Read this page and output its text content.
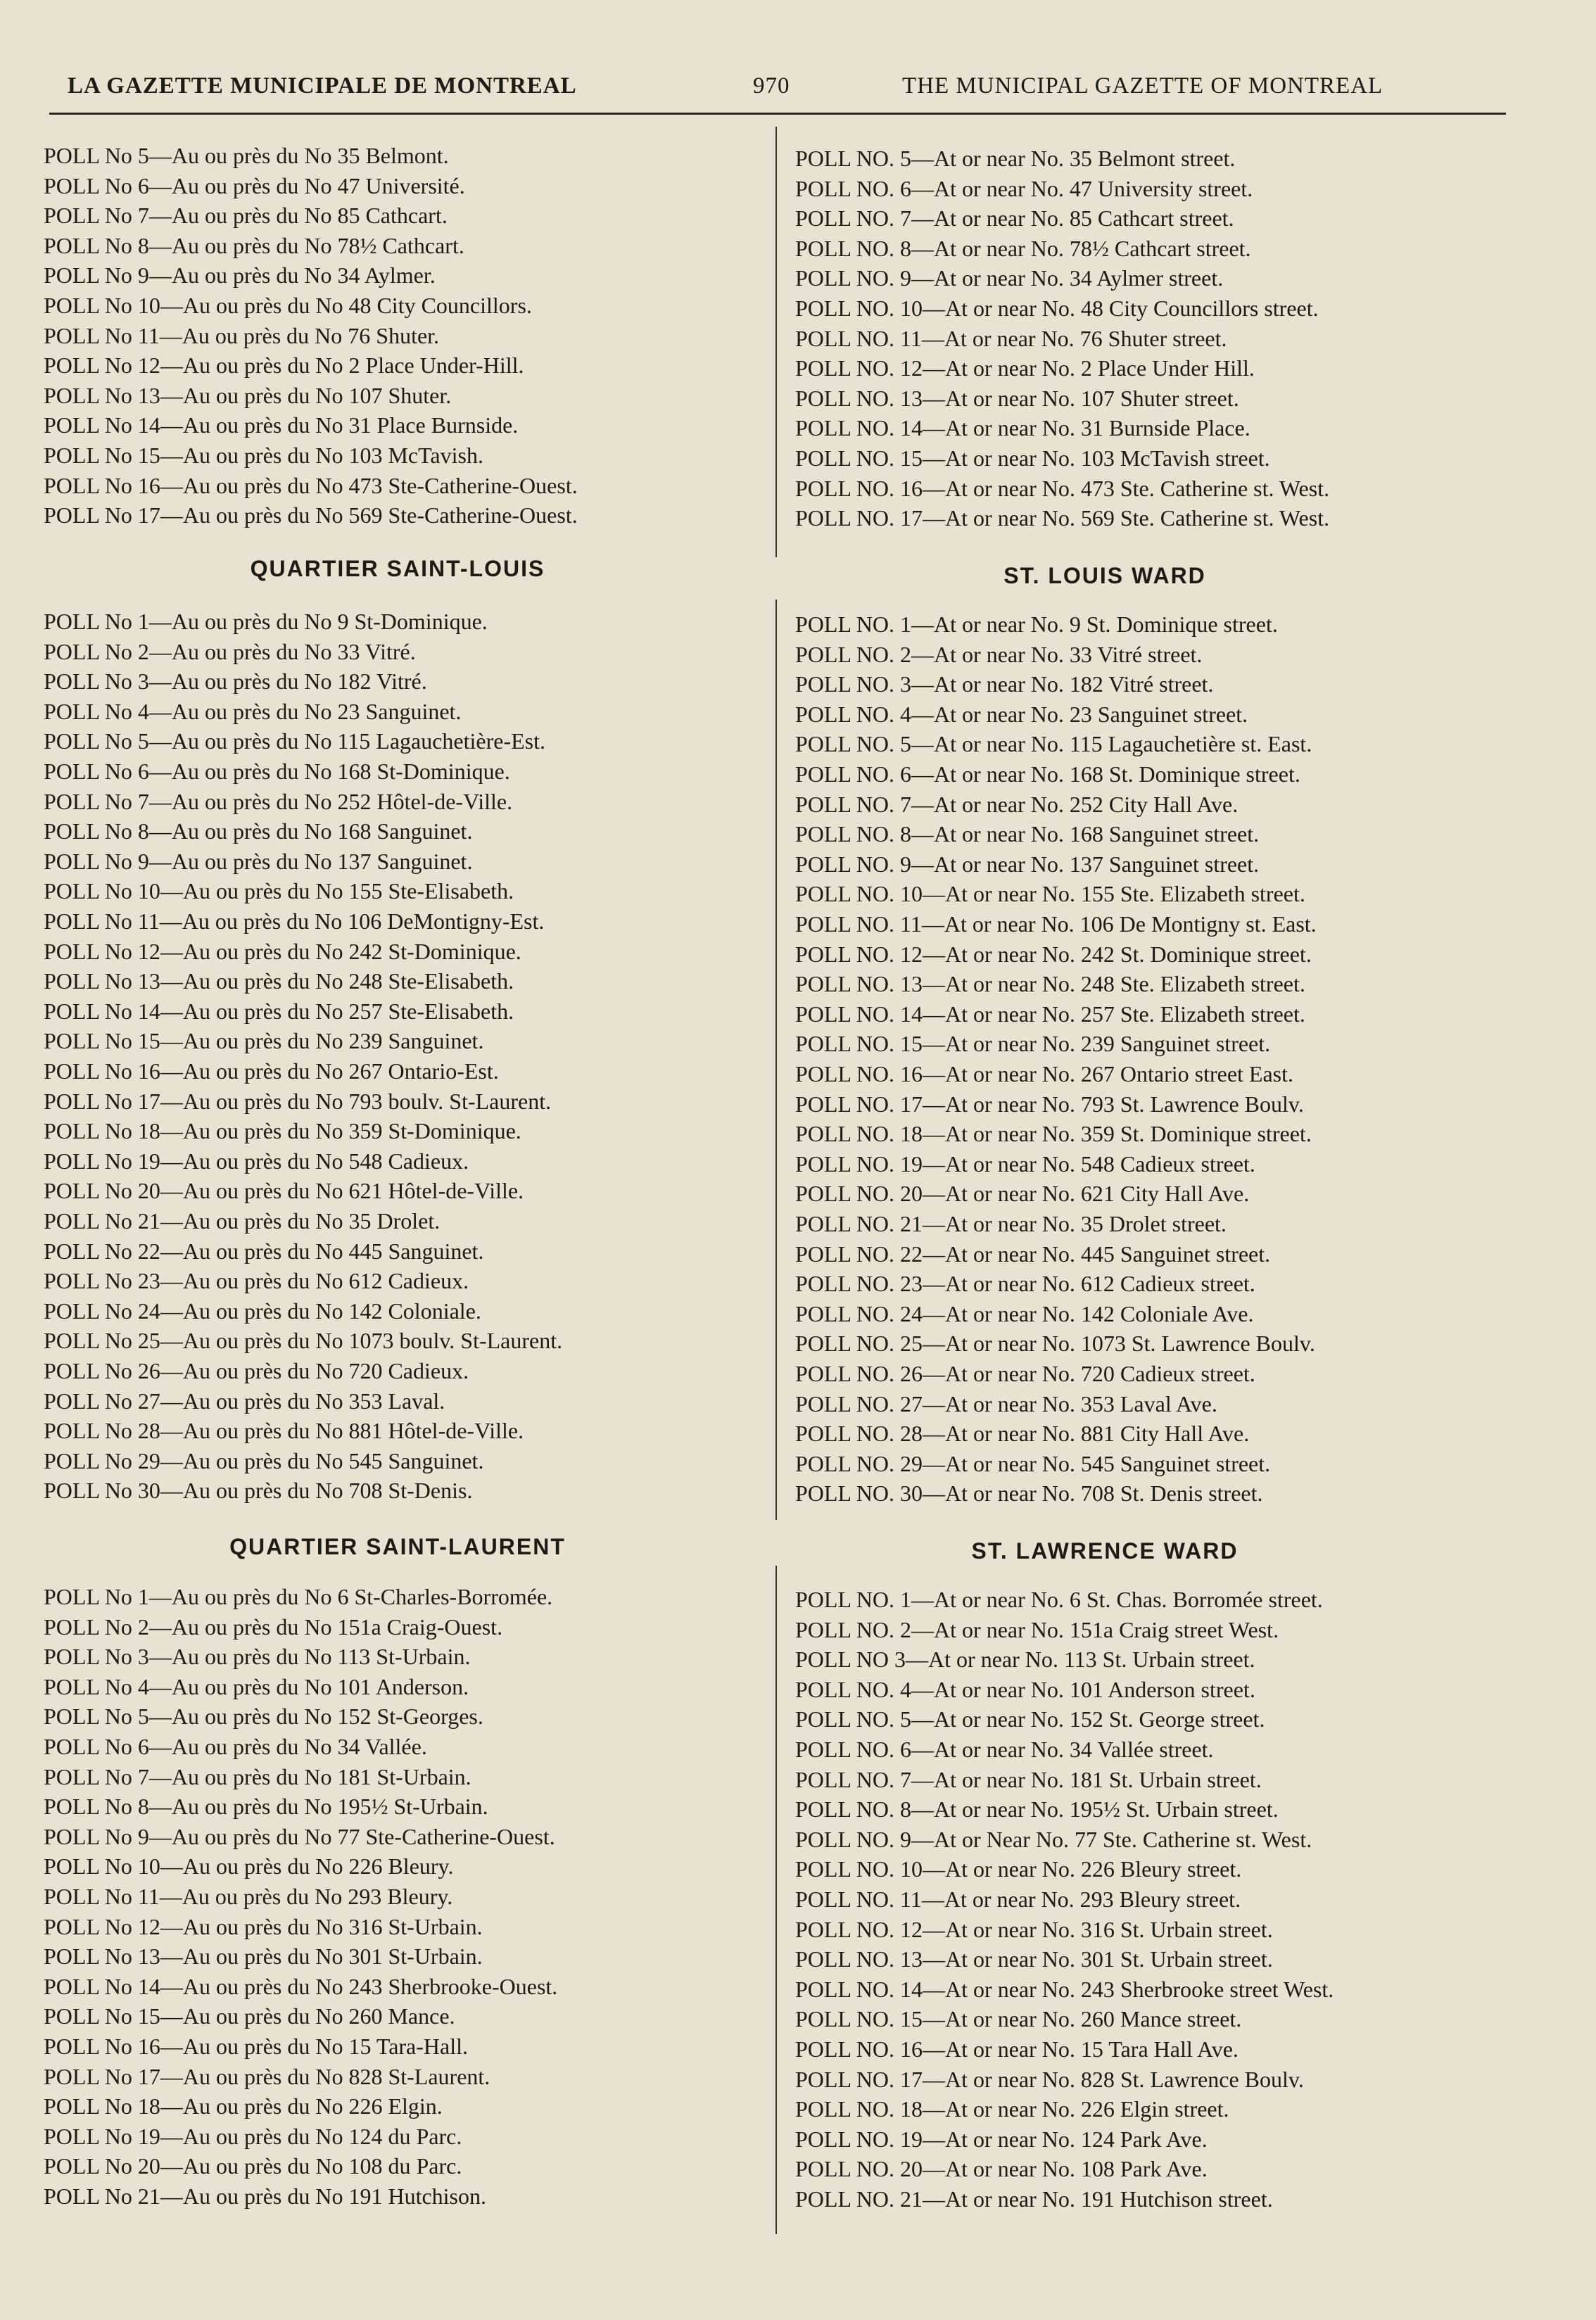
LA GAZETTE MUNICIPALE DE MONTREAL	970	THE MUNICIPAL GAZETTE OF MONTREAL
POLL No 5—Au ou près du No 35 Belmont.
POLL No 6—Au ou près du No 47 Université.
POLL No 7—Au ou près du No 85 Cathcart.
POLL No 8—Au ou près du No 78½ Cathcart.
POLL No 9—Au ou près du No 34 Aylmer.
POLL No 10—Au ou près du No 48 City Councillors.
POLL No 11—Au ou près du No 76 Shuter.
POLL No 12—Au ou près du No 2 Place Under-Hill.
POLL No 13—Au ou près du No 107 Shuter.
POLL No 14—Au ou près du No 31 Place Burnside.
POLL No 15—Au ou près du No 103 McTavish.
POLL No 16—Au ou près du No 473 Ste-Catherine-Ouest.
POLL No 17—Au ou près du No 569 Ste-Catherine-Ouest.
QUARTIER SAINT-LOUIS
POLL No 1—Au ou près du No 9 St-Dominique.
POLL No 2—Au ou près du No 33 Vitré.
POLL No 3—Au ou près du No 182 Vitré.
POLL No 4—Au ou près du No 23 Sanguinet.
POLL No 5—Au ou près du No 115 Lagauchetière-Est.
POLL No 6—Au ou près du No 168 St-Dominique.
POLL No 7—Au ou près du No 252 Hôtel-de-Ville.
POLL No 8—Au ou près du No 168 Sanguinet.
POLL No 9—Au ou près du No 137 Sanguinet.
POLL No 10—Au ou près du No 155 Ste-Elisabeth.
POLL No 11—Au ou près du No 106 DeMontigny-Est.
POLL No 12—Au ou près du No 242 St-Dominique.
POLL No 13—Au ou près du No 248 Ste-Elisabeth.
POLL No 14—Au ou près du No 257 Ste-Elisabeth.
POLL No 15—Au ou près du No 239 Sanguinet.
POLL No 16—Au ou près du No 267 Ontario-Est.
POLL No 17—Au ou près du No 793 boulv. St-Laurent.
POLL No 18—Au ou près du No 359 St-Dominique.
POLL No 19—Au ou près du No 548 Cadieux.
POLL No 20—Au ou près du No 621 Hôtel-de-Ville.
POLL No 21—Au ou près du No 35 Drolet.
POLL No 22—Au ou près du No 445 Sanguinet.
POLL No 23—Au ou près du No 612 Cadieux.
POLL No 24—Au ou près du No 142 Coloniale.
POLL No 25—Au ou près du No 1073 boulv. St-Laurent.
POLL No 26—Au ou près du No 720 Cadieux.
POLL No 27—Au ou près du No 353 Laval.
POLL No 28—Au ou près du No 881 Hôtel-de-Ville.
POLL No 29—Au ou près du No 545 Sanguinet.
POLL No 30—Au ou près du No 708 St-Denis.
QUARTIER SAINT-LAURENT
POLL No 1—Au ou près du No 6 St-Charles-Borromée.
POLL No 2—Au ou près du No 151a Craig-Ouest.
POLL No 3—Au ou près du No 113 St-Urbain.
POLL No 4—Au ou près du No 101 Anderson.
POLL No 5—Au ou près du No 152 St-Georges.
POLL No 6—Au ou près du No 34 Vallée.
POLL No 7—Au ou près du No 181 St-Urbain.
POLL No 8—Au ou près du No 195½ St-Urbain.
POLL No 9—Au ou près du No 77 Ste-Catherine-Ouest.
POLL No 10—Au ou près du No 226 Bleury.
POLL No 11—Au ou près du No 293 Bleury.
POLL No 12—Au ou près du No 316 St-Urbain.
POLL No 13—Au ou près du No 301 St-Urbain.
POLL No 14—Au ou près du No 243 Sherbrooke-Ouest.
POLL No 15—Au ou près du No 260 Mance.
POLL No 16—Au ou près du No 15 Tara-Hall.
POLL No 17—Au ou près du No 828 St-Laurent.
POLL No 18—Au ou près du No 226 Elgin.
POLL No 19—Au ou près du No 124 du Parc.
POLL No 20—Au ou près du No 108 du Parc.
POLL No 21—Au ou près du No 191 Hutchison.
POLL NO. 5—At or near No. 35 Belmont street.
POLL NO. 6—At or near No. 47 University street.
POLL NO. 7—At or near No. 85 Cathcart street.
POLL NO. 8—At or near No. 78½ Cathcart street.
POLL NO. 9—At or near No. 34 Aylmer street.
POLL NO. 10—At or near No. 48 City Councillors street.
POLL NO. 11—At or near No. 76 Shuter street.
POLL NO. 12—At or near No. 2 Place Under Hill.
POLL NO. 13—At or near No. 107 Shuter street.
POLL NO. 14—At or near No. 31 Burnside Place.
POLL NO. 15—At or near No. 103 McTavish street.
POLL NO. 16—At or near No. 473 Ste. Catherine st. West.
POLL NO. 17—At or near No. 569 Ste. Catherine st. West.
ST. LOUIS WARD
POLL NO. 1—At or near No. 9 St. Dominique street.
POLL NO. 2—At or near No. 33 Vitré street.
POLL NO. 3—At or near No. 182 Vitré street.
POLL NO. 4—At or near No. 23 Sanguinet street.
POLL NO. 5—At or near No. 115 Lagauchetière st. East.
POLL NO. 6—At or near No. 168 St. Dominique street.
POLL NO. 7—At or near No. 252 City Hall Ave.
POLL NO. 8—At or near No. 168 Sanguinet street.
POLL NO. 9—At or near No. 137 Sanguinet street.
POLL NO. 10—At or near No. 155 Ste. Elizabeth street.
POLL NO. 11—At or near No. 106 De Montigny st. East.
POLL NO. 12—At or near No. 242 St. Dominique street.
POLL NO. 13—At or near No. 248 Ste. Elizabeth street.
POLL NO. 14—At or near No. 257 Ste. Elizabeth street.
POLL NO. 15—At or near No. 239 Sanguinet street.
POLL NO. 16—At or near No. 267 Ontario street East.
POLL NO. 17—At or near No. 793 St. Lawrence Boulv.
POLL NO. 18—At or near No. 359 St. Dominique street.
POLL NO. 19—At or near No. 548 Cadieux street.
POLL NO. 20—At or near No. 621 City Hall Ave.
POLL NO. 21—At or near No. 35 Drolet street.
POLL NO. 22—At or near No. 445 Sanguinet street.
POLL NO. 23—At or near No. 612 Cadieux street.
POLL NO. 24—At or near No. 142 Coloniale Ave.
POLL NO. 25—At or near No. 1073 St. Lawrence Boulv.
POLL NO. 26—At or near No. 720 Cadieux street.
POLL NO. 27—At or near No. 353 Laval Ave.
POLL NO. 28—At or near No. 881 City Hall Ave.
POLL NO. 29—At or near No. 545 Sanguinet street.
POLL NO. 30—At or near No. 708 St. Denis street.
ST. LAWRENCE WARD
POLL NO. 1—At or near No. 6 St. Chas. Borromée street.
POLL NO. 2—At or near No. 151a Craig street West.
POLL NO 3—At or near No. 113 St. Urbain street.
POLL NO. 4—At or near No. 101 Anderson street.
POLL NO. 5—At or near No. 152 St. George street.
POLL NO. 6—At or near No. 34 Vallée street.
POLL NO. 7—At or near No. 181 St. Urbain street.
POLL NO. 8—At or near No. 195½ St. Urbain street.
POLL NO. 9—At or Near No. 77 Ste. Catherine st. West.
POLL NO. 10—At or near No. 226 Bleury street.
POLL NO. 11—At or near No. 293 Bleury street.
POLL NO. 12—At or near No. 316 St. Urbain street.
POLL NO. 13—At or near No. 301 St. Urbain street.
POLL NO. 14—At or near No. 243 Sherbrooke street West.
POLL NO. 15—At or near No. 260 Mance street.
POLL NO. 16—At or near No. 15 Tara Hall Ave.
POLL NO. 17—At or near No. 828 St. Lawrence Boulv.
POLL NO. 18—At or near No. 226 Elgin street.
POLL NO. 19—At or near No. 124 Park Ave.
POLL NO. 20—At or near No. 108 Park Ave.
POLL NO. 21—At or near No. 191 Hutchison street.
